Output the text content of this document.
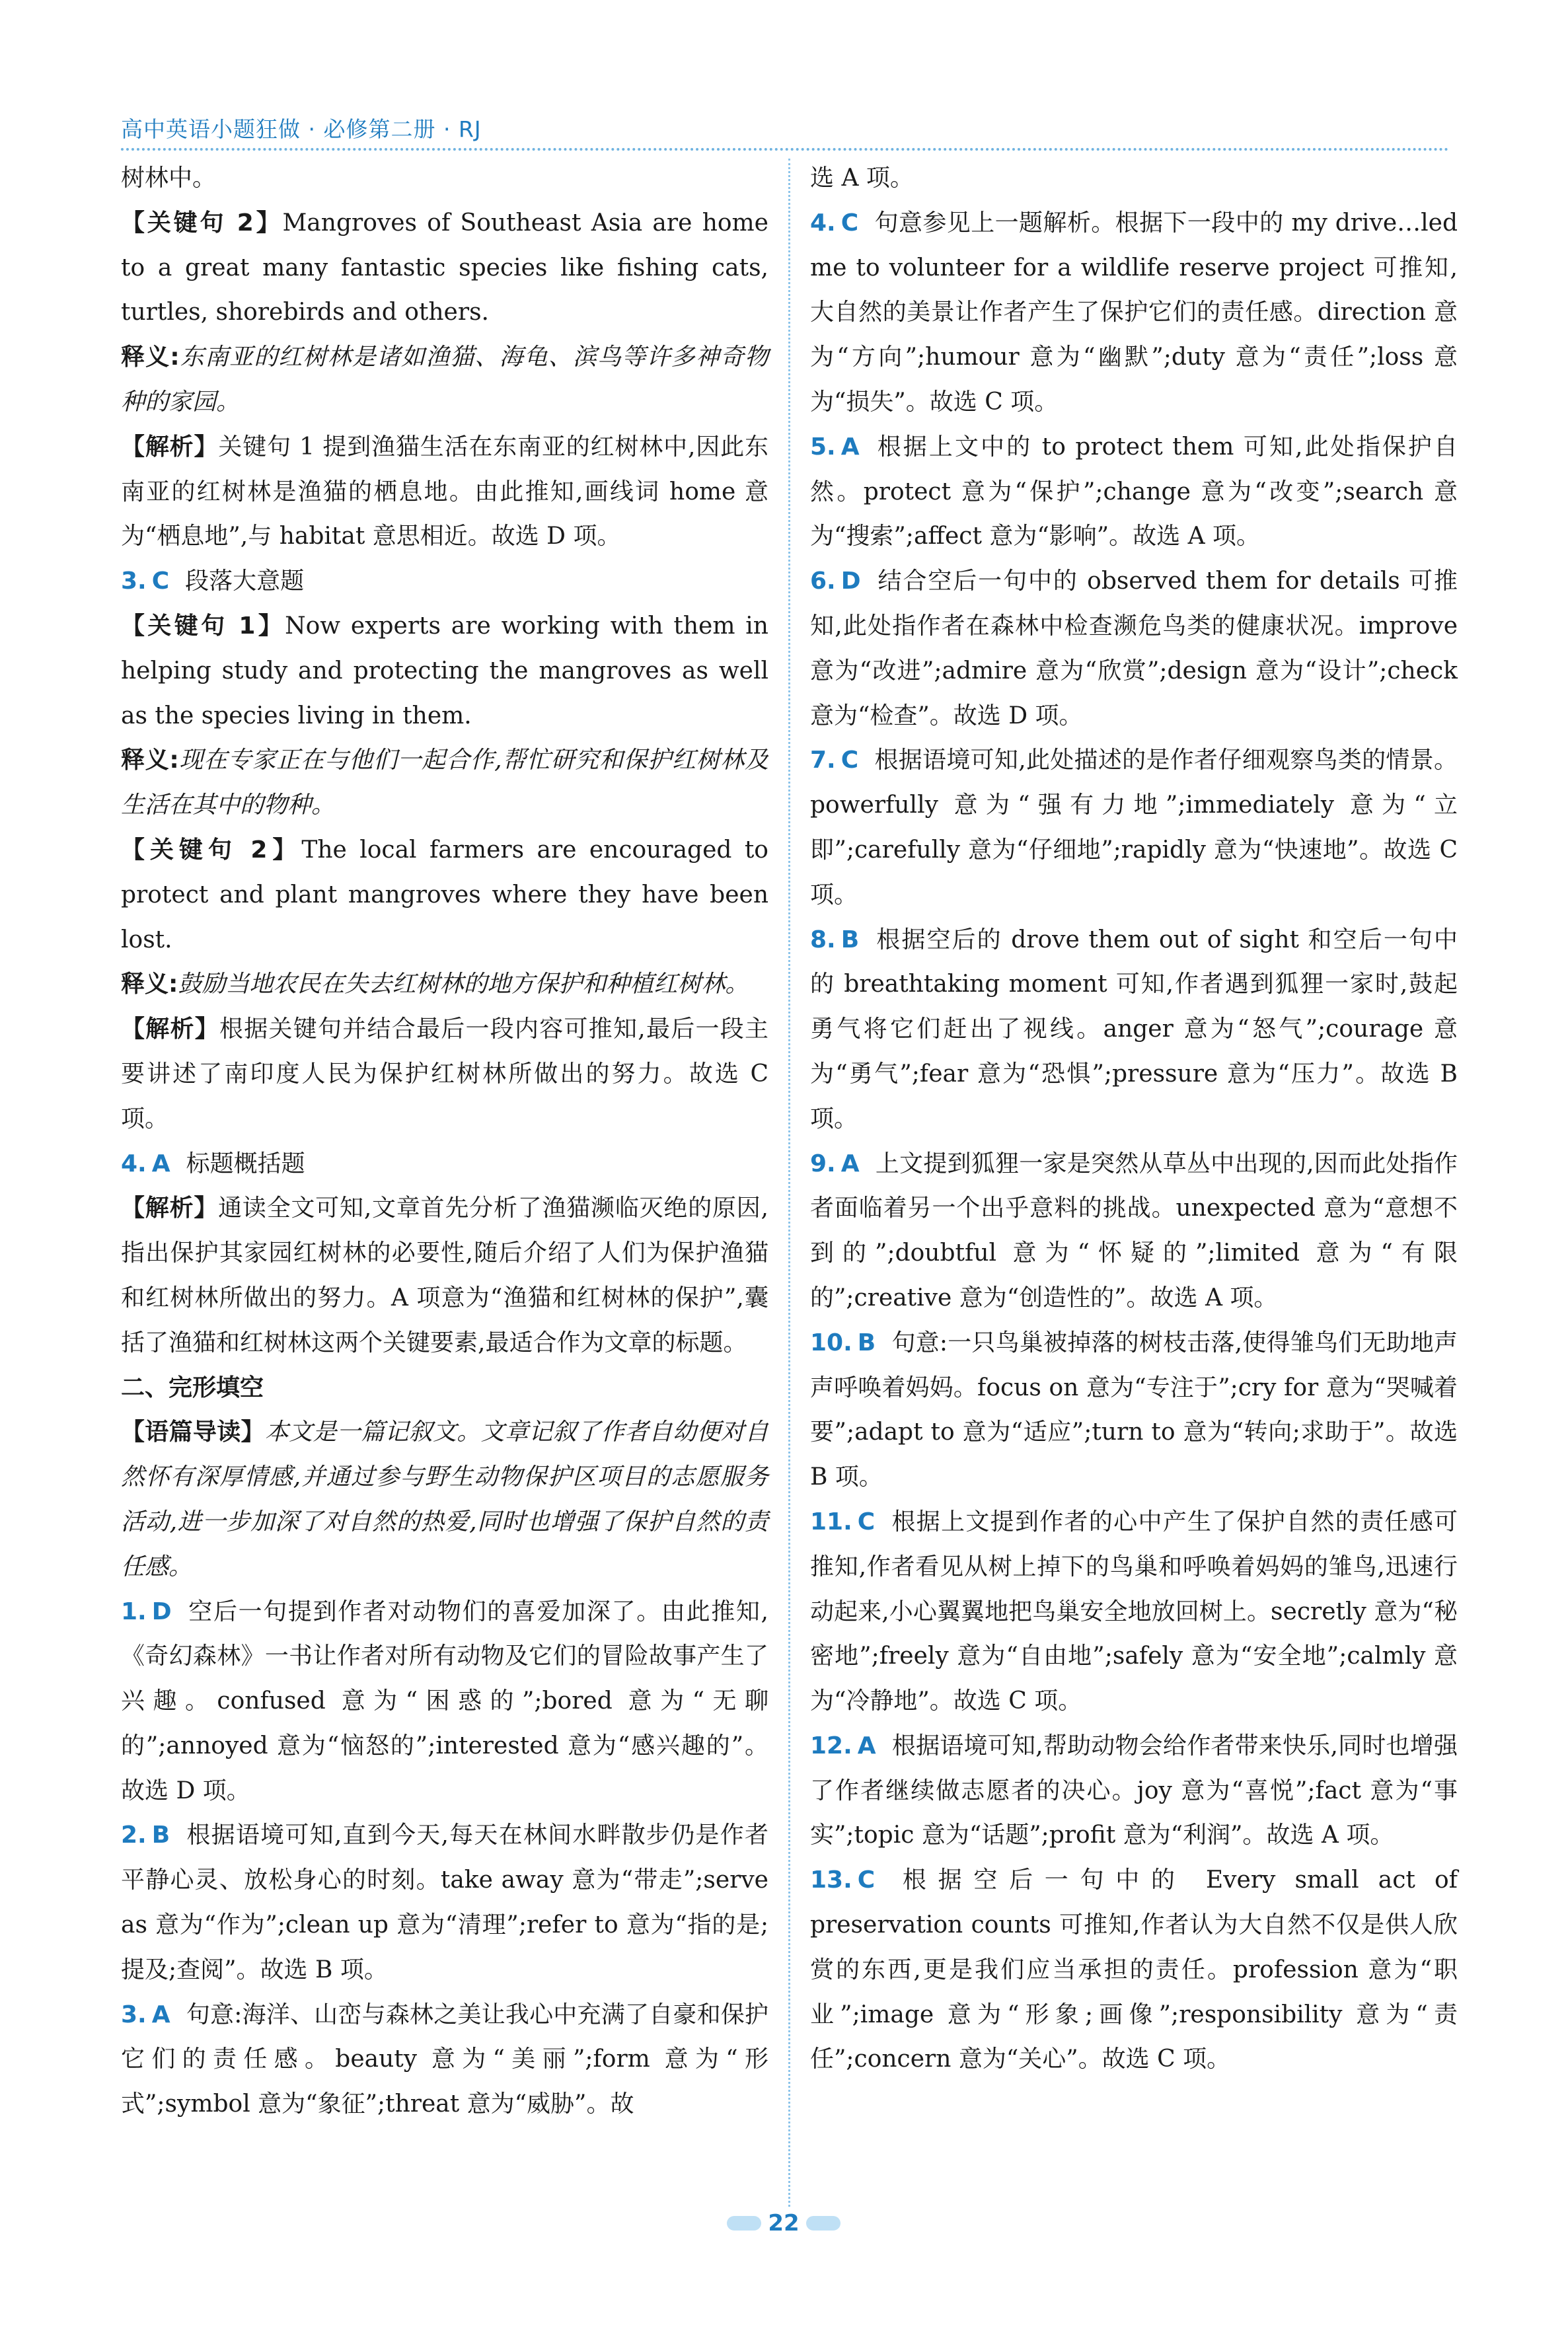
高中英语小题狂做 · 必修第二册 · RJ

树林中。

【关键句 2】Mangroves of Southeast Asia are home to a great many fantastic species like fishing cats, turtles, shorebirds and others.

释义:东南亚的红树林是诸如渔猫、海龟、滨鸟等许多神奇物种的家园。

【解析】关键句 1 提到渔猫生活在东南亚的红树林中,因此东南亚的红树林是渔猫的栖息地。由此推知,画线词 home 意为“栖息地”,与 habitat 意思相近。故选 D 项。

3. C 段落大意题

【关键句 1】Now experts are working with them in helping study and protecting the mangroves as well as the species living in them.

释义:现在专家正在与他们一起合作,帮忙研究和保护红树林及生活在其中的物种。

【关键句 2】The local farmers are encouraged to protect and plant mangroves where they have been lost.

释义:鼓励当地农民在失去红树林的地方保护和种植红树林。

【解析】根据关键句并结合最后一段内容可推知,最后一段主要讲述了南印度人民为保护红树林所做出的努力。故选 C 项。

4. A 标题概括题

【解析】通读全文可知,文章首先分析了渔猫濒临灭绝的原因,指出保护其家园红树林的必要性,随后介绍了人们为保护渔猫和红树林所做出的努力。A 项意为“渔猫和红树林的保护”,囊括了渔猫和红树林这两个关键要素,最适合作为文章的标题。

二、完形填空

【语篇导读】本文是一篇记叙文。文章记叙了作者自幼便对自然怀有深厚情感,并通过参与野生动物保护区项目的志愿服务活动,进一步加深了对自然的热爱,同时也增强了保护自然的责任感。

1. D 空后一句提到作者对动物们的喜爱加深了。由此推知,《奇幻森林》一书让作者对所有动物及它们的冒险故事产生了兴趣。confused 意为“困惑的”;bored 意为“无聊的”;annoyed 意为“恼怒的”;interested 意为“感兴趣的”。故选 D 项。

2. B 根据语境可知,直到今天,每天在林间水畔散步仍是作者平静心灵、放松身心的时刻。take away 意为“带走”;serve as 意为“作为”;clean up 意为“清理”;refer to 意为“指的是;提及;查阅”。故选 B 项。

3. A 句意:海洋、山峦与森林之美让我心中充满了自豪和保护它们的责任感。beauty 意为“美丽”;form 意为“形式”;symbol 意为“象征”;threat 意为“威胁”。故

选 A 项。

4. C 句意参见上一题解析。根据下一段中的 my drive…led me to volunteer for a wildlife reserve project 可推知,大自然的美景让作者产生了保护它们的责任感。direction 意为“方向”;humour 意为“幽默”;duty 意为“责任”;loss 意为“损失”。故选 C 项。

5. A 根据上文中的 to protect them 可知,此处指保护自然。protect 意为“保护”;change 意为“改变”;search 意为“搜索”;affect 意为“影响”。故选 A 项。

6. D 结合空后一句中的 observed them for details 可推知,此处指作者在森林中检查濒危鸟类的健康状况。improve 意为“改进”;admire 意为“欣赏”;design 意为“设计”;check 意为“检查”。故选 D 项。

7. C 根据语境可知,此处描述的是作者仔细观察鸟类的情景。powerfully 意为“强有力地”;immediately 意为“立即”;carefully 意为“仔细地”;rapidly 意为“快速地”。故选 C 项。

8. B 根据空后的 drove them out of sight 和空后一句中的 breathtaking moment 可知,作者遇到狐狸一家时,鼓起勇气将它们赶出了视线。anger 意为“怒气”;courage 意为“勇气”;fear 意为“恐惧”;pressure 意为“压力”。故选 B 项。

9. A 上文提到狐狸一家是突然从草丛中出现的,因而此处指作者面临着另一个出乎意料的挑战。unexpected 意为“意想不到的”;doubtful 意为“怀疑的”;limited 意为“有限的”;creative 意为“创造性的”。故选 A 项。

10. B 句意:一只鸟巢被掉落的树枝击落,使得雏鸟们无助地声声呼唤着妈妈。focus on 意为“专注于”;cry for 意为“哭喊着要”;adapt to 意为“适应”;turn to 意为“转向;求助于”。故选 B 项。

11. C 根据上文提到作者的心中产生了保护自然的责任感可推知,作者看见从树上掉下的鸟巢和呼唤着妈妈的雏鸟,迅速行动起来,小心翼翼地把鸟巢安全地放回树上。secretly 意为“秘密地”;freely 意为“自由地”;safely 意为“安全地”;calmly 意为“冷静地”。故选 C 项。

12. A 根据语境可知,帮助动物会给作者带来快乐,同时也增强了作者继续做志愿者的决心。joy 意为“喜悦”;fact 意为“事实”;topic 意为“话题”;profit 意为“利润”。故选 A 项。

13. C 根据空后一句中的 Every small act of preservation counts 可推知,作者认为大自然不仅是供人欣赏的东西,更是我们应当承担的责任。profession 意为“职业”;image 意为“形象;画像”;responsibility 意为“责任”;concern 意为“关心”。故选 C 项。

22
